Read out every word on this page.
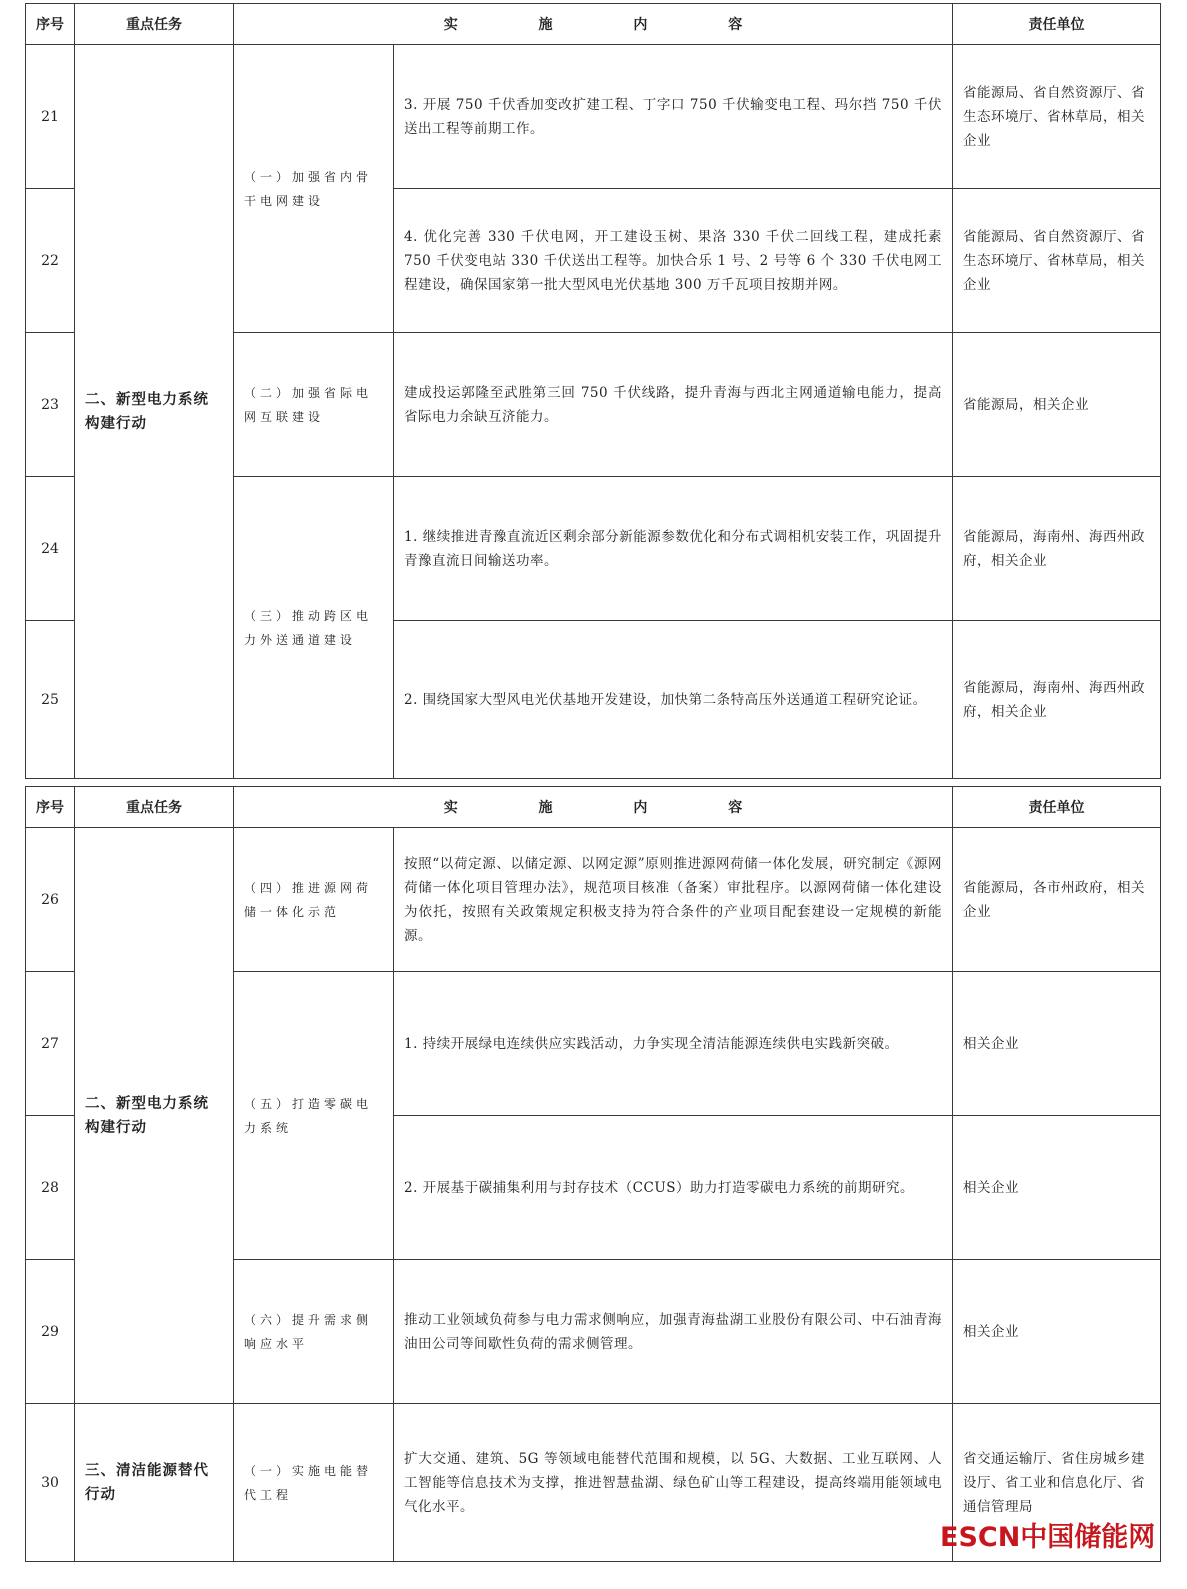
序号	重点任务	实 施 内 容		责任单位
21	二、新型电力系统构建行动	（一）加强省内骨干电网建设	3. 开展 750 千伏香加变改扩建工程、丁字口 750 千伏输变电工程、玛尔挡 750 千伏送出工程等前期工作。	省能源局、省自然资源厅、省生态环境厅、省林草局，相关企业
22			4. 优化完善 330 千伏电网，开工建设玉树、果洛 330 千伏二回线工程，建成托素 750 千伏变电站 330 千伏送出工程等。加快合乐 1 号、2 号等 6 个 330 千伏电网工程建设，确保国家第一批大型风电光伏基地 300 万千瓦项目按期并网。	省能源局、省自然资源厅、省生态环境厅、省林草局，相关企业
23		（二）加强省际电网互联建设	建成投运郭隆至武胜第三回 750 千伏线路，提升青海与西北主网通道输电能力，提高省际电力余缺互济能力。	省能源局，相关企业
24		（三）推动跨区电力外送通道建设	1. 继续推进青豫直流近区剩余部分新能源参数优化和分布式调相机安装工作，巩固提升青豫直流日间输送功率。	省能源局，海南州、海西州政府，相关企业
25			2. 围绕国家大型风电光伏基地开发建设，加快第二条特高压外送通道工程研究论证。	省能源局，海南州、海西州政府，相关企业
序号	重点任务	实 施 内 容		责任单位
26	二、新型电力系统构建行动	（四）推进源网荷储一体化示范	按照“以荷定源、以储定源、以网定源”原则推进源网荷储一体化发展，研究制定《源网荷储一体化项目管理办法》，规范项目核准（备案）审批程序。以源网荷储一体化建设为依托，按照有关政策规定积极支持为符合条件的产业项目配套建设一定规模的新能源。	省能源局，各市州政府，相关企业
27		（五）打造零碳电力系统	1. 持续开展绿电连续供应实践活动，力争实现全清洁能源连续供电实践新突破。	相关企业
28			2. 开展基于碳捕集利用与封存技术（CCUS）助力打造零碳电力系统的前期研究。	相关企业
29		（六）提升需求侧响应水平	推动工业领域负荷参与电力需求侧响应，加强青海盐湖工业股份有限公司、中石油青海油田公司等间歇性负荷的需求侧管理。	相关企业
30	三、清洁能源替代行动	（一）实施电能替代工程	扩大交通、建筑、5G 等领域电能替代范围和规模，以 5G、大数据、工业互联网、人工智能等信息技术为支撑，推进智慧盐湖、绿色矿山等工程建设，提高终端用能领域电气化水平。	省交通运输厅、省住房城乡建设厅、省工业和信息化厅、省通信管理局
ESCN中国储能网
